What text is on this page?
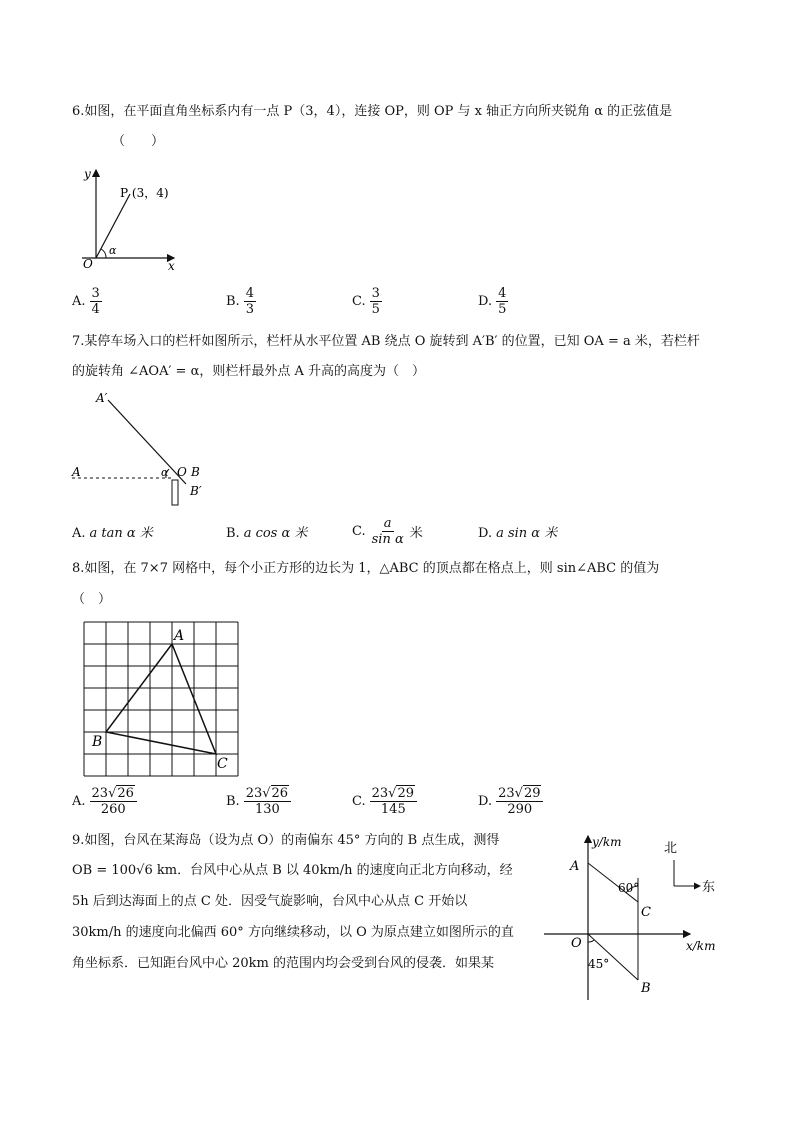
6.如图，在平面直角坐标系内有一点 P（3，4），连接 OP，则 OP 与 x 轴正方向所夹锐角 α 的正弦值是
（　　）
y
x
O
P (3，4)
α
A. $\frac{3}{4}$	B. $\frac{4}{3}$	C. $\frac{3}{5}$	D. $\frac{4}{5}$
7.某停车场入口的栏杆如图所示，栏杆从水平位置 AB 绕点 O 旋转到 A′B′ 的位置，已知 OA = a 米，若栏杆
的旋转角 ∠AOA′ = α，则栏杆最外点 A 升高的高度为（　）
A′
A	α O B
B′
A. a tan α 米	B. a cos α 米	C. $\frac{a}{\text{sin α}}$ 米	D. a sin α 米
8.如图，在 7×7 网格中，每个小正方形的边长为 1，△ABC 的顶点都在格点上，则 sin∠ABC 的值为
（　）
A
B
C
A. $\frac{23√26}{260}$	B. $\frac{23√26}{130}$	C. $\frac{23√29}{145}$	D. $\frac{23√29}{290}$
9.如图，台风在某海岛（设为点 O）的南偏东 45° 方向的 B 点生成，测得
OB = 100√6 km．台风中心从点 B 以 40km/h 的速度向正北方向移动，经
5h 后到达海面上的点 C 处．因受气旋影响，台风中心从点 C 开始以
30km/h 的速度向北偏西 60° 方向继续移动，以 O 为原点建立如图所示的直
角坐标系．已知距台风中心 20km 的范围内均会受到台风的侵袭．如果某
北
东
y/km
x/km
A
C
O
B
60°
45°
